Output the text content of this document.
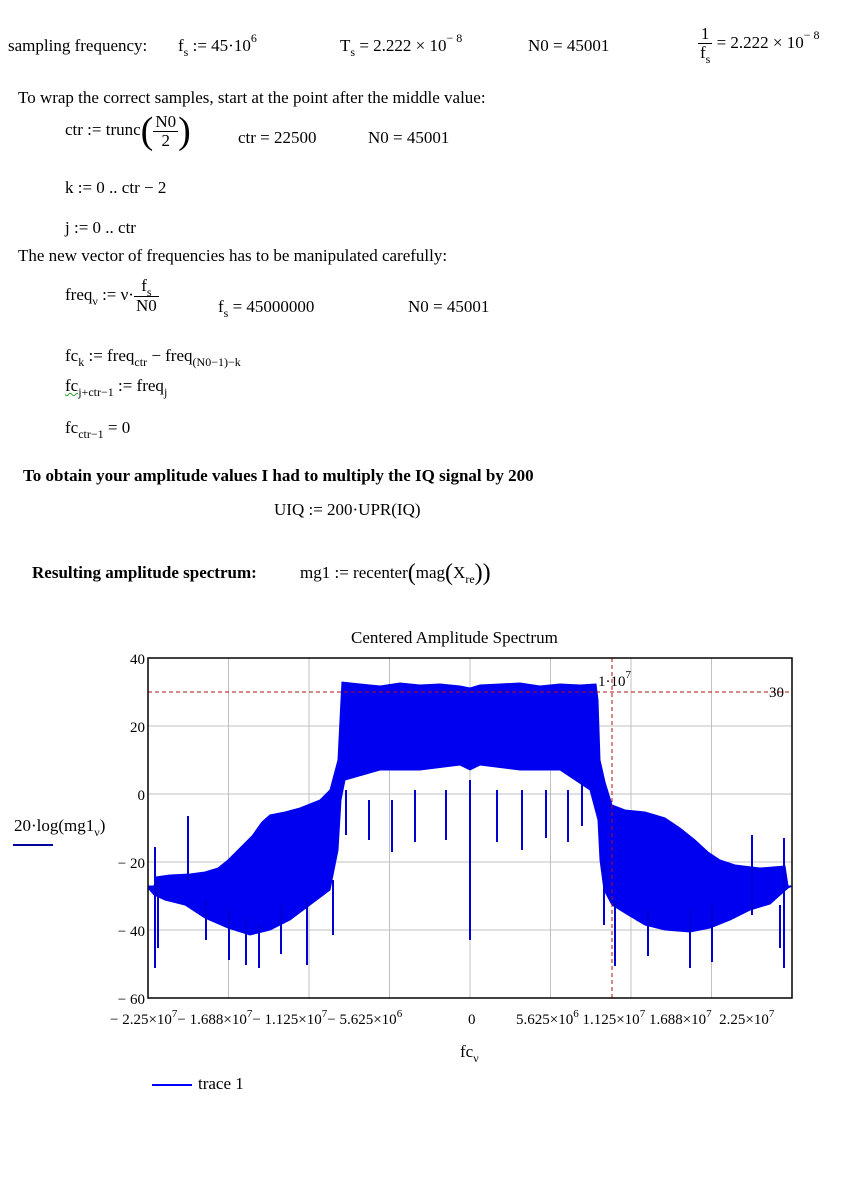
sampling frequency: $f_s$ := $45\cdot 10^6$	$T_s = 2.222 \times 10^{- 8}$	N0 = 45001	$\frac{1}{f_s} = 2.222 \times 10^{- 8}$
To wrap the correct samples, start at the point after the middle value:
ctr := trunc( $\frac{N0}{2}$ )	ctr = 22500	N0 = 45001
k := 0 .. ctr − 2
j := 0 .. ctr
The new vector of frequencies has to be manipulated carefully:
freq$_\nu$ := $\nu\cdot \frac{f_s}{N0}$	$f_s = 45000000$	N0 = 45001
$fc_k$ := freq$_{ctr}$ − freq$_{(N0-1)-k}$
$fc_{j+ctr-1}$ := freq$_j$
$fc_{ctr-1} = 0$
To obtain your amplitude values I had to multiply the IQ signal by 200
UIQ := 200·UPR(IQ)
Resulting amplitude spectrum:	mg1 := $recenter(mag(X_{re}))$
Centered Amplitude Spectrum
$1\cdot 10^7$
30
40
20
0
− 20
− 40
− 60
− $2.25\times 10^7- 1.688\times 10^7- 1.125\times 10^7- 5.625\times 10^6$	0	$5.625\times 10^6$ $1.125\times 10^7$ $1.688\times 10^7$ $2.25\times 10^7$
$fc_\nu$
$20\cdot\log(mg1_\nu)$
trace 1
